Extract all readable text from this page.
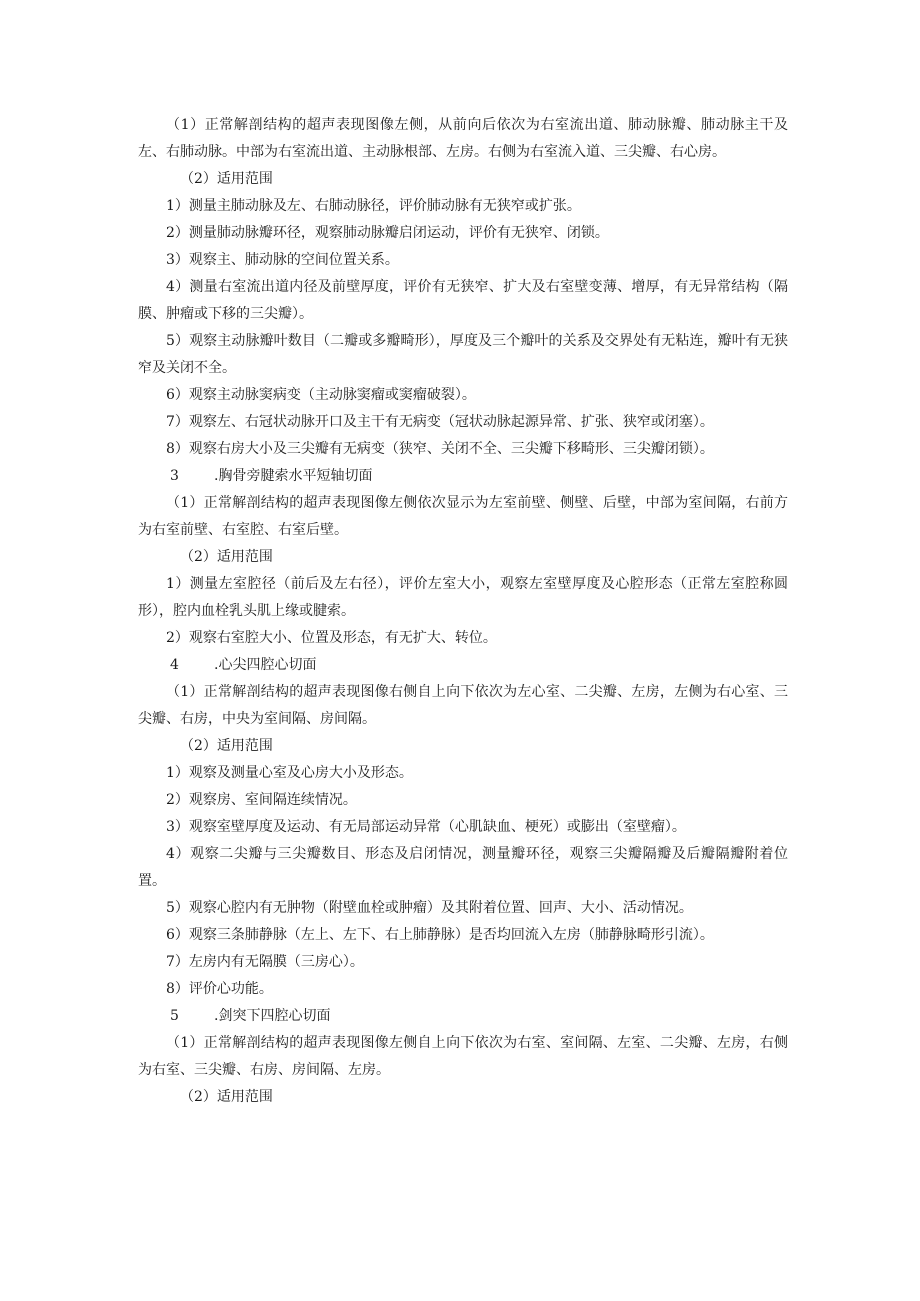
（1）正常解剖结构的超声表现图像左侧，从前向后依次为右室流出道、肺动脉瓣、肺动脉主干及左、右肺动脉。中部为右室流出道、主动脉根部、左房。右侧为右室流入道、三尖瓣、右心房。

（2）适用范围

1）测量主肺动脉及左、右肺动脉径，评价肺动脉有无狭窄或扩张。

2）测量肺动脉瓣环径，观察肺动脉瓣启闭运动，评价有无狭窄、闭锁。

3）观察主、肺动脉的空间位置关系。

4）测量右室流出道内径及前壁厚度，评价有无狭窄、扩大及右室壁变薄、增厚，有无异常结构（隔膜、肿瘤或下移的三尖瓣）。

5）观察主动脉瓣叶数目（二瓣或多瓣畸形），厚度及三个瓣叶的关系及交界处有无粘连，瓣叶有无狭窄及关闭不全。

6）观察主动脉窦病变（主动脉窦瘤或窦瘤破裂）。

7）观察左、右冠状动脉开口及主干有无病变（冠状动脉起源异常、扩张、狭窄或闭塞）。

8）观察右房大小及三尖瓣有无病变（狭窄、关闭不全、三尖瓣下移畸形、三尖瓣闭锁）。

3	.胸骨旁腱索水平短轴切面

（1）正常解剖结构的超声表现图像左侧依次显示为左室前壁、侧壁、后壁，中部为室间隔，右前方为右室前壁、右室腔、右室后壁。

（2）适用范围

1）测量左室腔径（前后及左右径），评价左室大小，观察左室壁厚度及心腔形态（正常左室腔称圆形），腔内血栓乳头肌上缘或腱索。

2）观察右室腔大小、位置及形态，有无扩大、转位。

4	.心尖四腔心切面

（1）正常解剖结构的超声表现图像右侧自上向下依次为左心室、二尖瓣、左房，左侧为右心室、三尖瓣、右房，中央为室间隔、房间隔。

（2）适用范围

1）观察及测量心室及心房大小及形态。

2）观察房、室间隔连续情况。

3）观察室壁厚度及运动、有无局部运动异常（心肌缺血、梗死）或膨出（室壁瘤）。

4）观察二尖瓣与三尖瓣数目、形态及启闭情况，测量瓣环径，观察三尖瓣隔瓣及后瓣隔瓣附着位置。

5）观察心腔内有无肿物（附壁血栓或肿瘤）及其附着位置、回声、大小、活动情况。

6）观察三条肺静脉（左上、左下、右上肺静脉）是否均回流入左房（肺静脉畸形引流）。

7）左房内有无隔膜（三房心）。

8）评价心功能。

5	.剑突下四腔心切面

（1）正常解剖结构的超声表现图像左侧自上向下依次为右室、室间隔、左室、二尖瓣、左房，右侧为右室、三尖瓣、右房、房间隔、左房。

（2）适用范围
